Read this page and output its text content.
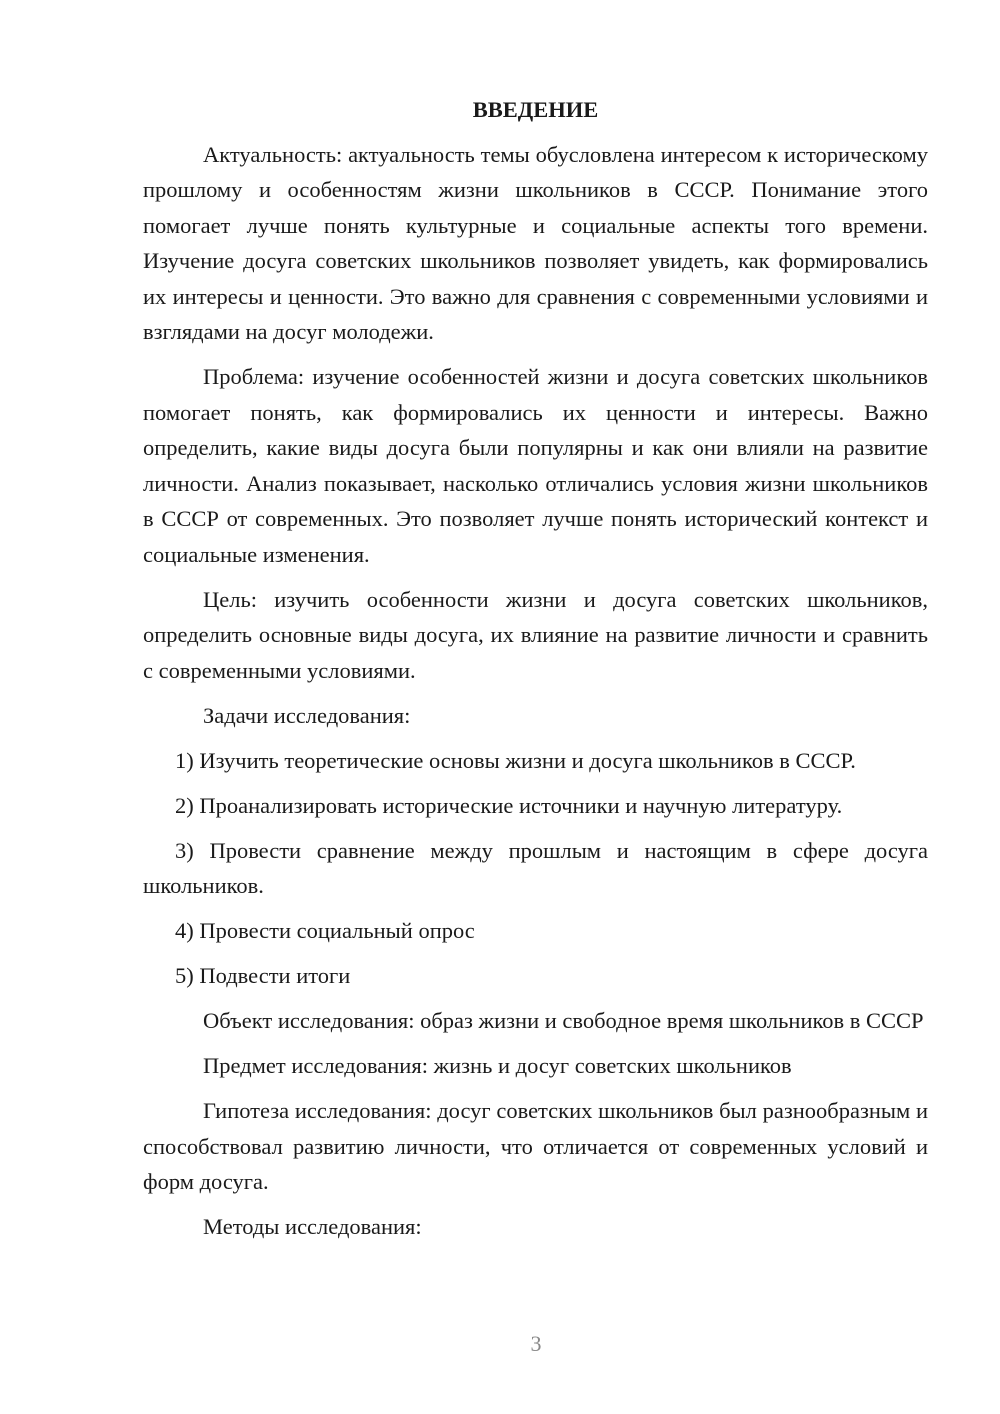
ВВЕДЕНИЕ

Актуальность: актуальность темы обусловлена интересом к историческому прошлому и особенностям жизни школьников в СССР. Понимание этого помогает лучше понять культурные и социальные аспекты того времени. Изучение досуга советских школьников позволяет увидеть, как формировались их интересы и ценности. Это важно для сравнения с современными условиями и взглядами на досуг молодежи.

Проблема: изучение особенностей жизни и досуга советских школьников помогает понять, как формировались их ценности и интересы. Важно определить, какие виды досуга были популярны и как они влияли на развитие личности. Анализ показывает, насколько отличались условия жизни школьников в СССР от современных. Это позволяет лучше понять исторический контекст и социальные изменения.

Цель: изучить особенности жизни и досуга советских школьников, определить основные виды досуга, их влияние на развитие личности и сравнить с современными условиями.

Задачи исследования:

1) Изучить теоретические основы жизни и досуга школьников в СССР.

2) Проанализировать исторические источники и научную литературу.

3) Провести сравнение между прошлым и настоящим в сфере досуга школьников.

4) Провести социальный опрос

5) Подвести итоги

Объект исследования: образ жизни и свободное время школьников в СССР

Предмет исследования: жизнь и досуг советских школьников

Гипотеза исследования: досуг советских школьников был разнообразным и способствовал развитию личности, что отличается от современных условий и форм досуга.

Методы исследования:

3
